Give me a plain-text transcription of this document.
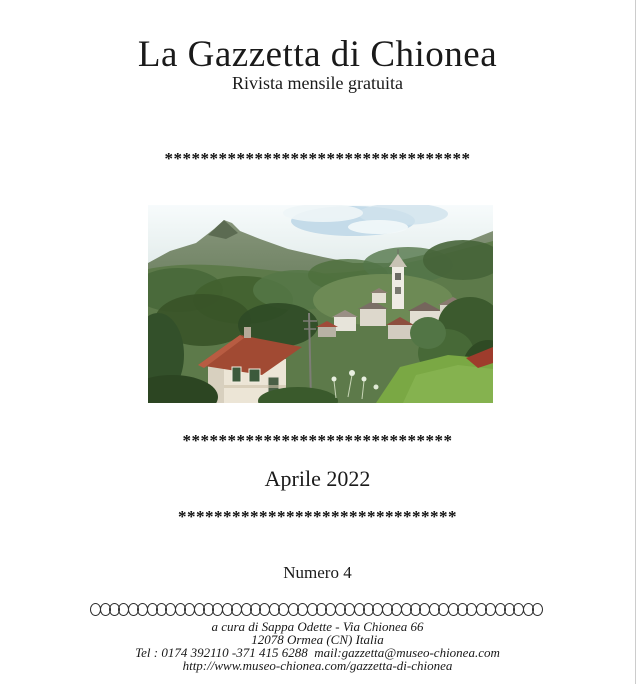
La Gazzetta di Chionea
Rivista mensile gratuita
**********************************
******************************
Aprile 2022
*******************************
Numero 4
a cura di Sappa Odette - Via Chionea 66
12078 Ormea (CN) Italia
Tel : 0174 392110 -371 415 6288  mail:gazzetta@museo-chionea.com
http://www.museo-chionea.com/gazzetta-di-chionea
